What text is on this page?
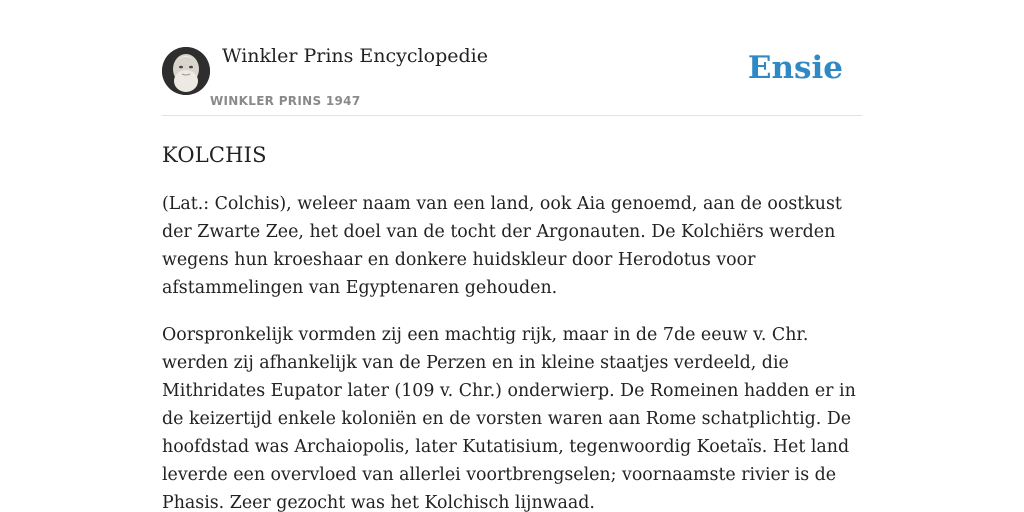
Winkler Prins Encyclopedie
WINKLER PRINS 1947
Ensie
KOLCHIS

(Lat.: Colchis), weleer naam van een land, ook Aia genoemd, aan de oostkust der Zwarte Zee, het doel van de tocht der Argonauten. De Kolchiërs werden wegens hun kroeshaar en donkere huidskleur door Herodotus voor afstammelingen van Egyptenaren gehouden.

Oorspronkelijk vormden zij een machtig rijk, maar in de 7de eeuw v. Chr. werden zij afhankelijk van de Perzen en in kleine staatjes verdeeld, die Mithridates Eupator later (109 v. Chr.) onderwierp. De Romeinen hadden er in de keizertijd enkele koloniën en de vorsten waren aan Rome schatplichtig. De hoofdstad was Archaiopolis, later Kutatisium, tegenwoordig Koetaïs. Het land leverde een overvloed van allerlei voortbrengselen; voornaamste rivier is de Phasis. Zeer gezocht was het Kolchisch lijnwaad.
